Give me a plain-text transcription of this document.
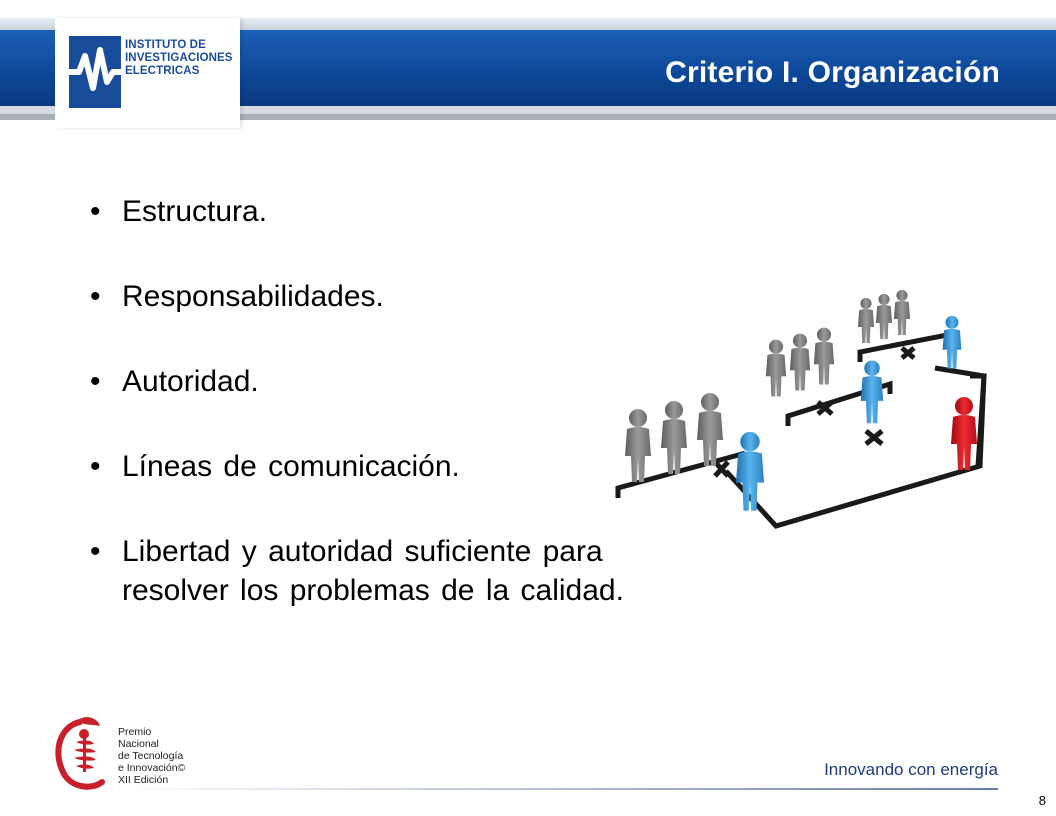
INSTITUTO DE
INVESTIGACIONES
ELECTRICAS	Criterio I. Organización
• Estructura.
• Responsabilidades.
• Autoridad.
• Líneas de comunicación.
• Libertad y autoridad suficiente para resolver los problemas de la calidad.
Premio
Nacional
de Tecnología
e Innovación©
XII Edición
Innovando con energía
8
